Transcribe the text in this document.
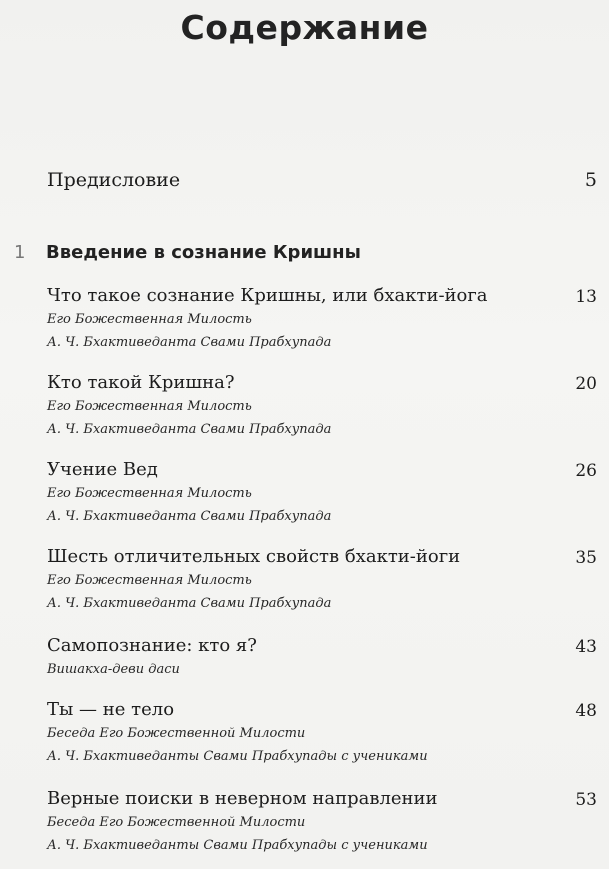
Содержание
Предисловие	5
1 Введение в сознание Кришны
Что такое сознание Кришны, или бхакти-йога	13
Его Божественная Милость
А. Ч. Бхактиведанта Свами Прабхупада
Кто такой Кришна?	20
Его Божественная Милость
А. Ч. Бхактиведанта Свами Прабхупада
Учение Вед	26
Его Божественная Милость
А. Ч. Бхактиведанта Свами Прабхупада
Шесть отличительных свойств бхакти-йоги	35
Его Божественная Милость
А. Ч. Бхактиведанта Свами Прабхупада
Самопознание: кто я?	43
Вишакха-деви даси
Ты — не тело	48
Беседа Его Божественной Милости
А. Ч. Бхактиведанты Свами Прабхупады с учениками
Верные поиски в неверном направлении	53
Беседа Его Божественной Милости
А. Ч. Бхактиведанты Свами Прабхупады с учениками
